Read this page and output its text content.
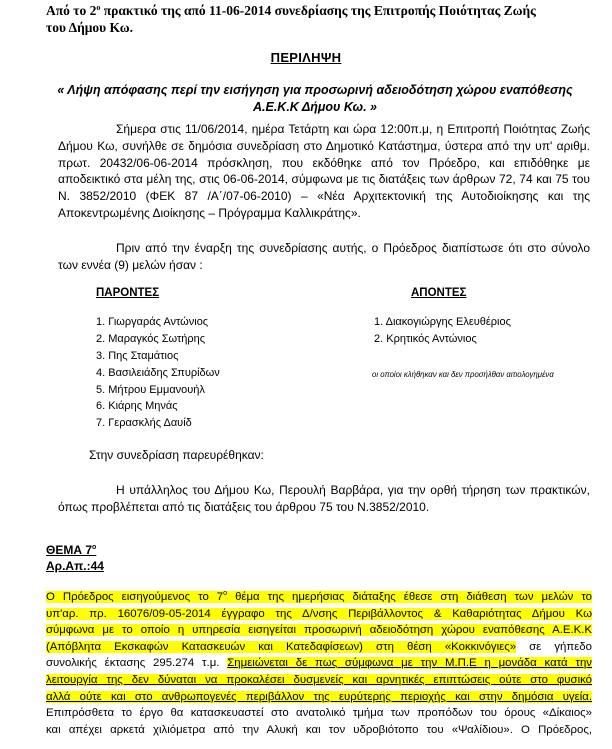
Από το $2^o$ πρακτικό της από 11-06-2014 συνεδρίασης της Επιτροπής Ποιότητας Ζωής
του Δήμου Κω.
ΠΕΡΙΛΗΨΗ
« Λήψη απόφασης περί την εισήγηση για προσωρινή αδειοδότηση χώρου εναπόθεσης Α.Ε.Κ.Κ Δήμου Κω. »
Σήμερα στις 11/06/2014, ημέρα Τετάρτη και ώρα 12:00π.μ, η Επιτροπή Ποιότητας Ζωής Δήμου Κω, συνήλθε σε δημόσια συνεδρίαση στο Δημοτικό Κατάστημα, ύστερα από την υπ' αριθμ. πρωτ. 20432/06-06-2014 πρόσκληση, που εκδόθηκε από τον Πρόεδρο, και επιδόθηκε με αποδεικτικό στα μέλη της, στις 06-06-2014, σύμφωνα με τις διατάξεις των άρθρων 72, 74 και 75 του Ν. 3852/2010 (ΦΕΚ 87 /Α΄/07-06-2010) – «Νέα Αρχιτεκτονική της Αυτοδιοίκησης και της Αποκεντρωμένης Διοίκησης – Πρόγραμμα Καλλικράτης».
Πριν από την έναρξη της συνεδρίασης αυτής, ο Πρόεδρος διαπίστωσε ότι στο σύνολο των εννέα (9) μελών ήσαν :
ΠΑΡΟΝΤΕΣ
1. Γιωργαράς Αντώνιος
2. Μαραγκός Σωτήρης
3. Πης Σταμάτιος
4. Βασιλειάδης Σπυρίδων
5. Μήτρου Εμμανουήλ
6. Κιάρης Μηνάς
7. Γερασκλής Δαυίδ
ΑΠΟΝΤΕΣ
1. Διακογιώργης Ελευθέριος
2. Κρητικός Αντώνιος
οι οποίοι κλήθηκαν και δεν προσήλθαν αιτιολογημένα
Στην συνεδρίαση παρευρέθηκαν:
Η υπάλληλος του Δήμου Κω, Περουλή Βαρβάρα, για την ορθή τήρηση των πρακτικών, όπως προβλέπεται από τις διατάξεις του άρθρου 75 του Ν.3852/2010.
ΘΕΜΑ $7^o$
Αρ.Απ.:44
Ο Πρόεδρος εισηγούμενος το $7^o$ θέμα της ημερήσιας διάταξης έθεσε στη διάθεση των μελών το
υπ'αρ. πρ. 16076/09-05-2014 έγγραφο της Δ/νσης Περιβάλλοντος & Καθαριότητας Δήμου Κω
σύμφωνα με το οποίο η υπηρεσία εισηγείται προσωρινή αδειοδότηση χώρου εναπόθεσης Α.Ε.Κ.Κ
(Απόβλητα Εκσκαφών Κατασκευών και Κατεδαφίσεων) στη θέση «Κοκκινόγιες» σε γήπεδο
συνολικής έκτασης 295.274 τ.μ. Σημειώνεται δε πως σύμφωνα με την Μ.Π.Ε η μονάδα κατά την
λειτουργία της δεν δύναται να προκαλέσει δυσμενείς και αρνητικές επιπτώσεις ούτε στο φυσικό
αλλά ούτε και στο ανθρωπογενές περιβάλλον της ευρύτερης περιοχής και στην δημόσια υγεία.
Επιπρόσθετα το έργο θα κατασκευαστεί στο ανατολικό τμήμα των προπόδων του όρους «Δίκαιος»
και απέχει αρκετά χιλιόμετρα από την Αλυκή και τον υδροβιότοπο του «Ψαλίδιου». Ο Πρόεδρος,
